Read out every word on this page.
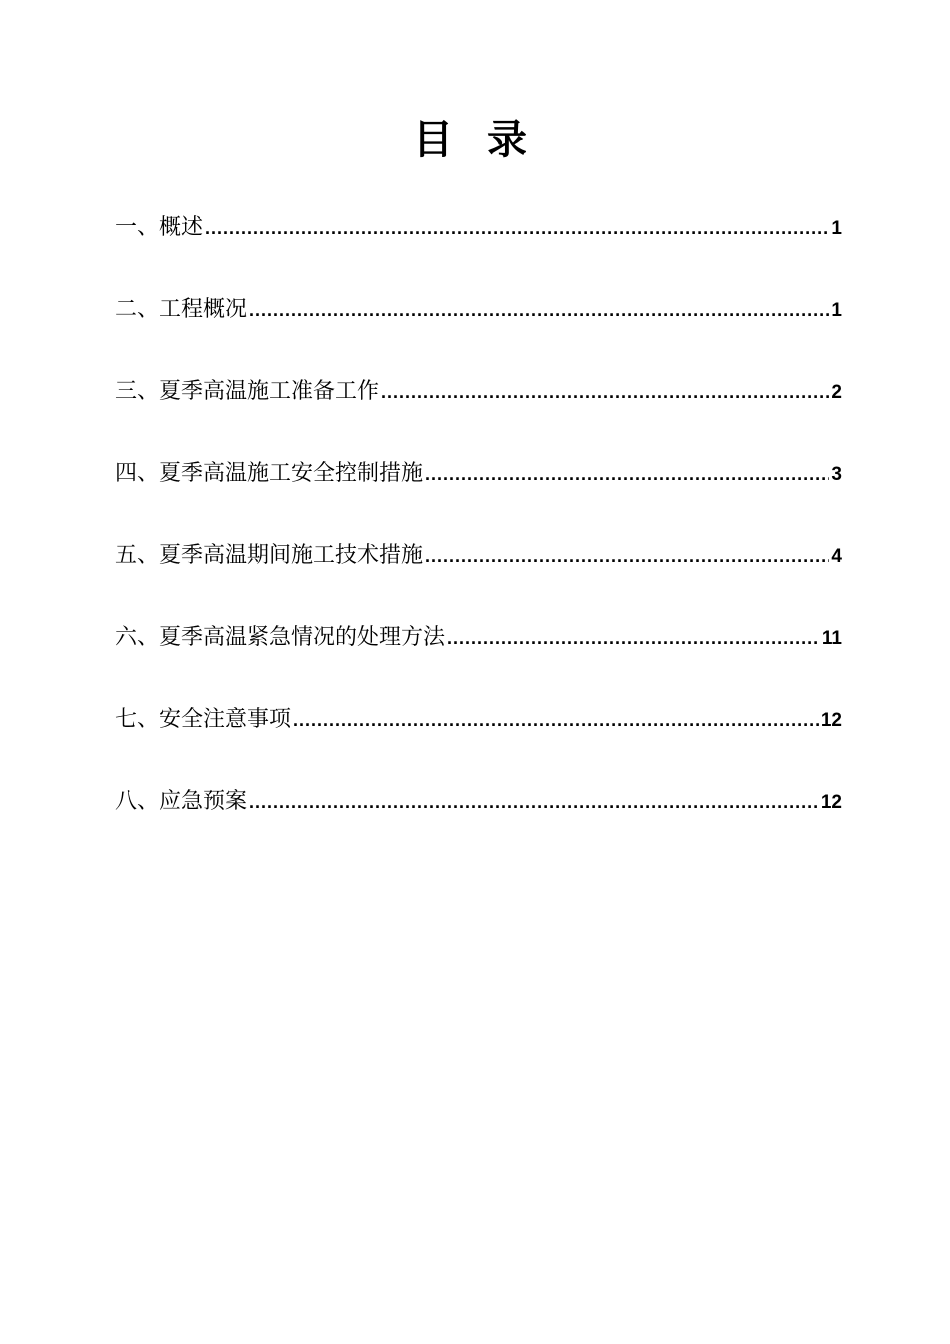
目 录
一、概述 .....	1
二、工程概况 .....	1
三、夏季高温施工准备工作 .....	2
四、夏季高温施工安全控制措施 .....	3
五、夏季高温期间施工技术措施 .....	4
六、夏季高温紧急情况的处理方法 .....	11
七、安全注意事项 .....	12
八、应急预案 .....	12
